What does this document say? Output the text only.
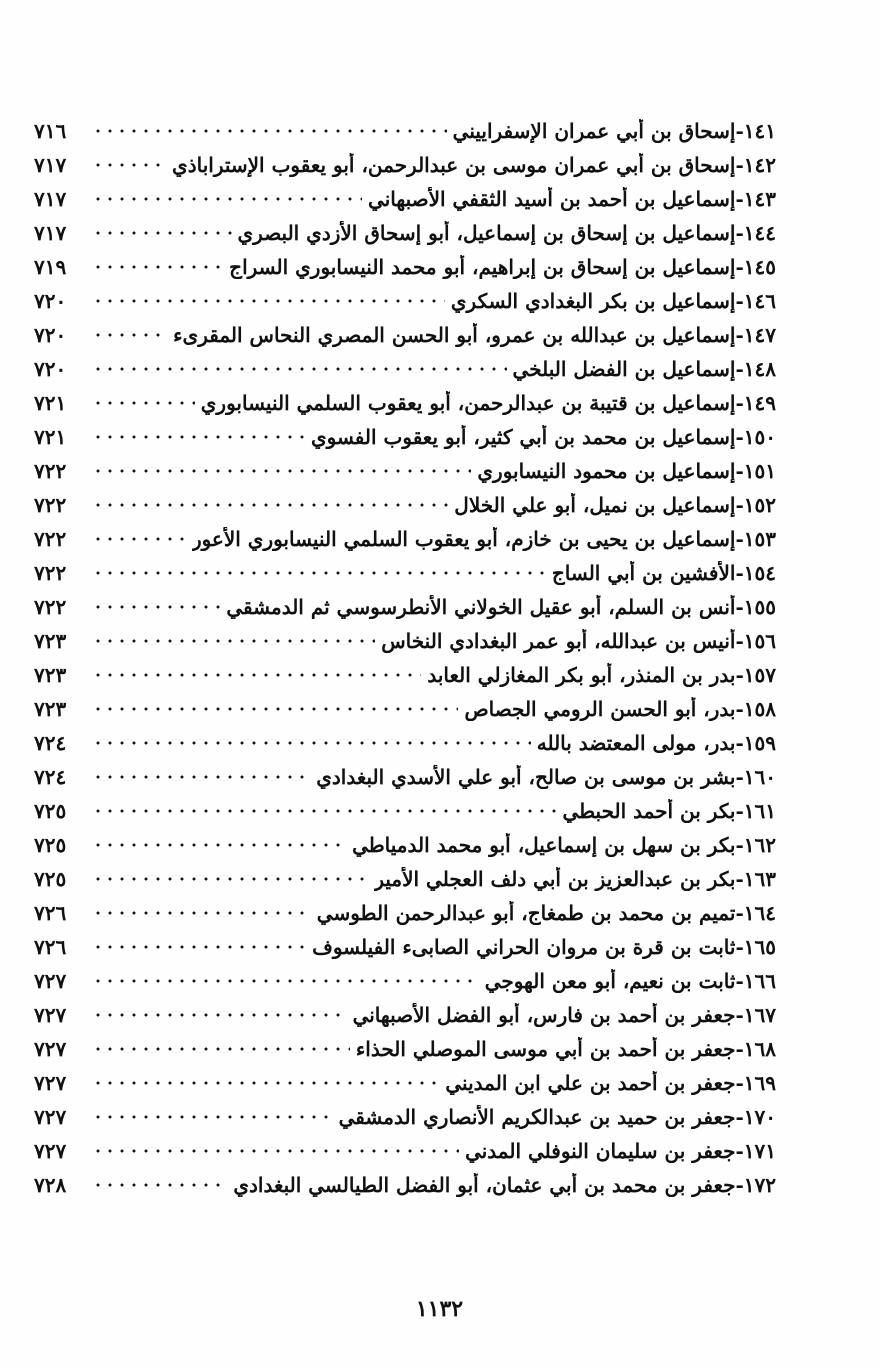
٧١٦	إسحاق بن أبي عمران الإسفراييني ١٤١-
٧١٧	إسحاق بن أبي عمران موسى بن عبدالرحمن، أبو يعقوب الإستراباذي ١٤٢-
٧١٧	إسماعيل بن أحمد بن أسيد الثقفي الأصبهاني ١٤٣-
٧١٧	إسماعيل بن إسحاق بن إسماعيل، أبو إسحاق الأزدي البصري ١٤٤-
٧١٩	إسماعيل بن إسحاق بن إبراهيم، أبو محمد النيسابوري السراج ١٤٥-
٧٢٠	إسماعيل بن بكر البغدادي السكري ١٤٦-
٧٢٠	إسماعيل بن عبدالله بن عمرو، أبو الحسن المصري النحاس المقرىء ١٤٧-
٧٢٠	إسماعيل بن الفضل البلخي ١٤٨-
٧٢١	إسماعيل بن قتيبة بن عبدالرحمن، أبو يعقوب السلمي النيسابوري ١٤٩-
٧٢١	إسماعيل بن محمد بن أبي كثير، أبو يعقوب الفسوي ١٥٠-
٧٢٢	إسماعيل بن محمود النيسابوري ١٥١-
٧٢٢	إسماعيل بن نميل، أبو علي الخلال ١٥٢-
٧٢٢	إسماعيل بن يحيى بن خازم، أبو يعقوب السلمي النيسابوري الأعور ١٥٣-
٧٢٢	الأفشين بن أبي الساج ١٥٤-
٧٢٢	أنس بن السلم، أبو عقيل الخولاني الأنطرسوسي ثم الدمشقي ١٥٥-
٧٢٣	أنيس بن عبدالله، أبو عمر البغدادي النخاس ١٥٦-
٧٢٣	بدر بن المنذر، أبو بكر المغازلي العابد ١٥٧-
٧٢٣	بدر، أبو الحسن الرومي الجصاص ١٥٨-
٧٢٤	بدر، مولى المعتضد بالله ١٥٩-
٧٢٤	بشر بن موسى بن صالح، أبو علي الأسدي البغدادي ١٦٠-
٧٢٥	بكر بن أحمد الحبطي ١٦١-
٧٢٥	بكر بن سهل بن إسماعيل، أبو محمد الدمياطي ١٦٢-
٧٢٥	بكر بن عبدالعزيز بن أبي دلف العجلي الأمير ١٦٣-
٧٢٦	تميم بن محمد بن طمغاج، أبو عبدالرحمن الطوسي ١٦٤-
٧٢٦	ثابت بن قرة بن مروان الحراني الصابىء الفيلسوف ١٦٥-
٧٢٧	ثابت بن نعيم، أبو معن الهوجي ١٦٦-
٧٢٧	جعفر بن أحمد بن فارس، أبو الفضل الأصبهاني ١٦٧-
٧٢٧	جعفر بن أحمد بن أبي موسى الموصلي الحذاء ١٦٨-
٧٢٧	جعفر بن أحمد بن علي ابن المديني ١٦٩-
٧٢٧	جعفر بن حميد بن عبدالكريم الأنصاري الدمشقي ١٧٠-
٧٢٧	جعفر بن سليمان النوفلي المدني ١٧١-
٧٢٨	جعفر بن محمد بن أبي عثمان، أبو الفضل الطيالسي البغدادي ١٧٢-
١١٣٢
